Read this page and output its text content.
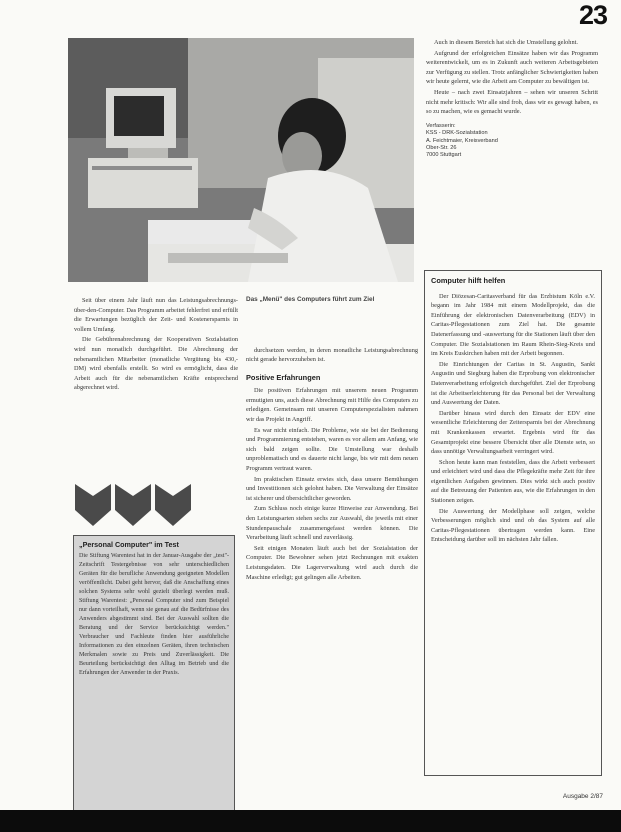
23

Seit über einem Jahr läuft nun das Leistungsabrechnungs-über-den-Computer. Das Programm arbeitet fehlerfrei und erfüllt die Erwartungen bezüglich der Zeit- und Kostenersparnis in vollem Umfang.

Die Gebührenabrechnung der Kooperativen Sozialstation wird nun monatlich durchgeführt. Die Abrechnung der nebenamtlichen Mitarbeiter (monatliche Vergütung bis 430,- DM) wird ebenfalls erstellt. So wird es ermöglicht, dass die Arbeit auch für die nebenamtlichen Kräfte entsprechend abgerechnet wird.

„Personal Computer" im Test
Die Stiftung Warentest hat in der Januar-Ausgabe der „test"-Zeitschrift Testergebnisse von sehr unterschiedlichen Geräten für die berufliche Anwendung geeigneten Modellen veröffentlicht. Dabei geht hervor, daß die Anschaffung eines solchen Systems sehr wohl gezielt überlegt werden muß. Stiftung Warentest: „Personal Computer sind zum Beispiel nur dann vorteilhaft, wenn sie genau auf die Bedürfnisse des Anwenders abgestimmt sind. Bei der Auswahl sollten die Beratung und der Service berücksichtigt werden." Verbraucher und Fachleute finden hier ausführliche Informationen zu den einzelnen Geräten, ihren technischen Merkmalen sowie zu Preis und Zuverlässigkeit. Die Beurteilung berücksichtigt den Alltag im Betrieb und die Erfahrungen der Anwender in der Praxis.
Das „Menü" des Computers führt zum Ziel

durchsetzen werden, in deren monatliche Leistungsabrechnung nicht gerade hervorzuheben ist.

Positive Erfahrungen

Die positiven Erfahrungen mit unserem neuen Programm ermutigten uns, auch diese Abrechnung mit Hilfe des Computers zu erledigen. Gemeinsam mit unseren Computerspezialisten nahmen wir das Projekt in Angriff.

Es war nicht einfach. Die Probleme, wie sie bei der Bedienung und Programmierung entstehen, waren es vor allem am Anfang, wie sich bald zeigen sollte. Die Umstellung war deshalb unproblematisch und es dauerte nicht lange, bis wir mit dem neuen Programm vertraut waren.

Im praktischen Einsatz erwies sich, dass unsere Bemühungen und Investitionen sich gelohnt haben. Die Verwaltung der Einsätze ist sicherer und übersichtlicher geworden.

Zum Schluss noch einige kurze Hinweise zur Anwendung. Bei den Leistungsarten stehen sechs zur Auswahl, die jeweils mit einer Stundenpauschale zusammengefasst werden können. Die Verarbeitung läuft schnell und zuverlässig.

Seit einigen Monaten läuft auch bei der Sozialstation der Computer. Die Bewohner sehen jetzt Rechnungen mit exakten Leistungsdaten. Die Lagerverwaltung wird auch durch die Maschine erledigt; gut gelingen alle Arbeiten.

Auch in diesem Bereich hat sich die Umstellung gelohnt.

Aufgrund der erfolgreichen Einsätze haben wir das Programm weiterentwickelt, um es in Zukunft auch weiteren Arbeitsgebieten zur Verfügung zu stellen. Trotz anfänglicher Schwierigkeiten haben wir heute gelernt, wie die Arbeit am Computer zu bewältigen ist.

Heute – nach zwei Einsatzjahren – sehen wir unseren Schritt nicht mehr kritisch: Wir alle sind froh, dass wir es gewagt haben, es so zu machen, wie es gemacht wurde.

Verfasserin:
KSS - DRK-Sozialstation
A. Feichtmaier, Kreisverband
Ober-Str. 26
7000 Stuttgart
Computer hilft helfen

Der Diözesan-Caritasverband für das Erzbistum Köln e.V. begann im Jahr 1984 mit einem Modellprojekt, das die Einführung der elektronischen Datenverarbeitung (EDV) in Caritas-Pflegestationen zum Ziel hat. Die gesamte Datenerfassung und -auswertung für die Stationen läuft über den Computer. Die Sozialstationen im Raum Rhein-Sieg-Kreis und im Kreis Euskirchen haben mit der Arbeit begonnen.

Die Einrichtungen der Caritas in St. Augustin, Sankt Augustin und Siegburg haben die Erprobung von elektronischer Datenverarbeitung erfolgreich durchgeführt. Ziel der Erprobung ist die Arbeitserleichterung für das Personal bei der Verwaltung und Auswertung der Daten.

Darüber hinaus wird durch den Einsatz der EDV eine wesentliche Erleichterung der Zeitersparnis bei der Abrechnung mit Krankenkassen erwartet. Ergebnis wird für das Gesamtprojekt eine bessere Übersicht über alle Dienste sein, so dass unnötige Verwaltungsarbeit verringert wird.

Schon heute kann man feststellen, dass die Arbeit verbessert und erleichtert wird und dass die Pflegekräfte mehr Zeit für ihre eigentlichen Aufgaben gewinnen. Dies wirkt sich auch positiv auf die Betreuung der Patienten aus, wie die Erfahrungen in den Stationen zeigen.

Die Auswertung der Modellphase soll zeigen, welche Verbesserungen möglich sind und ob das System auf alle Caritas-Pflegestationen übertragen werden kann. Eine Entscheidung darüber soll im nächsten Jahr fallen.

Ausgabe 2/87
